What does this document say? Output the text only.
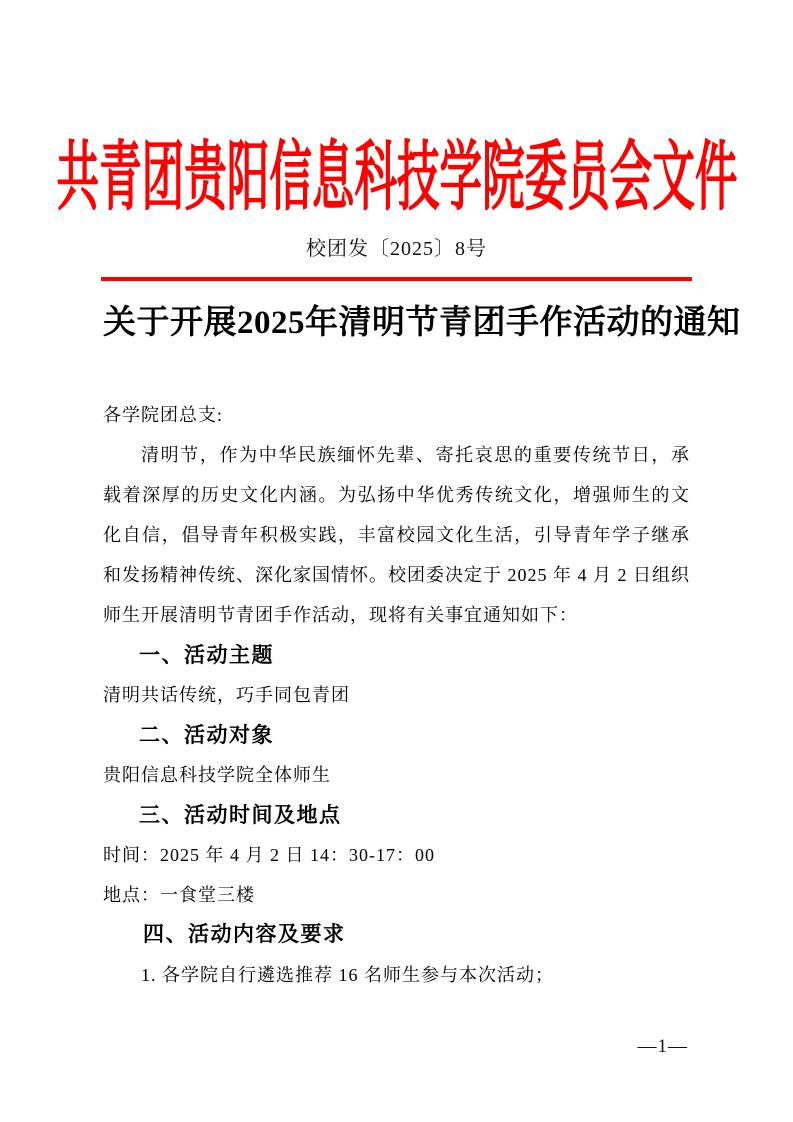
共青团贵阳信息科技学院委员会文件
校团发〔2025〕8号
关于开展2025年清明节青团手作活动的通知

各学院团总支:

清明节，作为中华民族缅怀先辈、寄托哀思的重要传统节日，承载着深厚的历史文化内涵。为弘扬中华优秀传统文化，增强师生的文化自信，倡导青年积极实践，丰富校园文化生活，引导青年学子继承和发扬精神传统、深化家国情怀。校团委决定于 2025 年 4 月 2 日组织师生开展清明节青团手作活动，现将有关事宜通知如下：

一、活动主题

清明共话传统，巧手同包青团

二、活动对象

贵阳信息科技学院全体师生

三、活动时间及地点

时间：2025 年 4 月 2 日 14：30-17：00

地点：一食堂三楼

四、活动内容及要求

1. 各学院自行遴选推荐 16 名师生参与本次活动；

—1—
